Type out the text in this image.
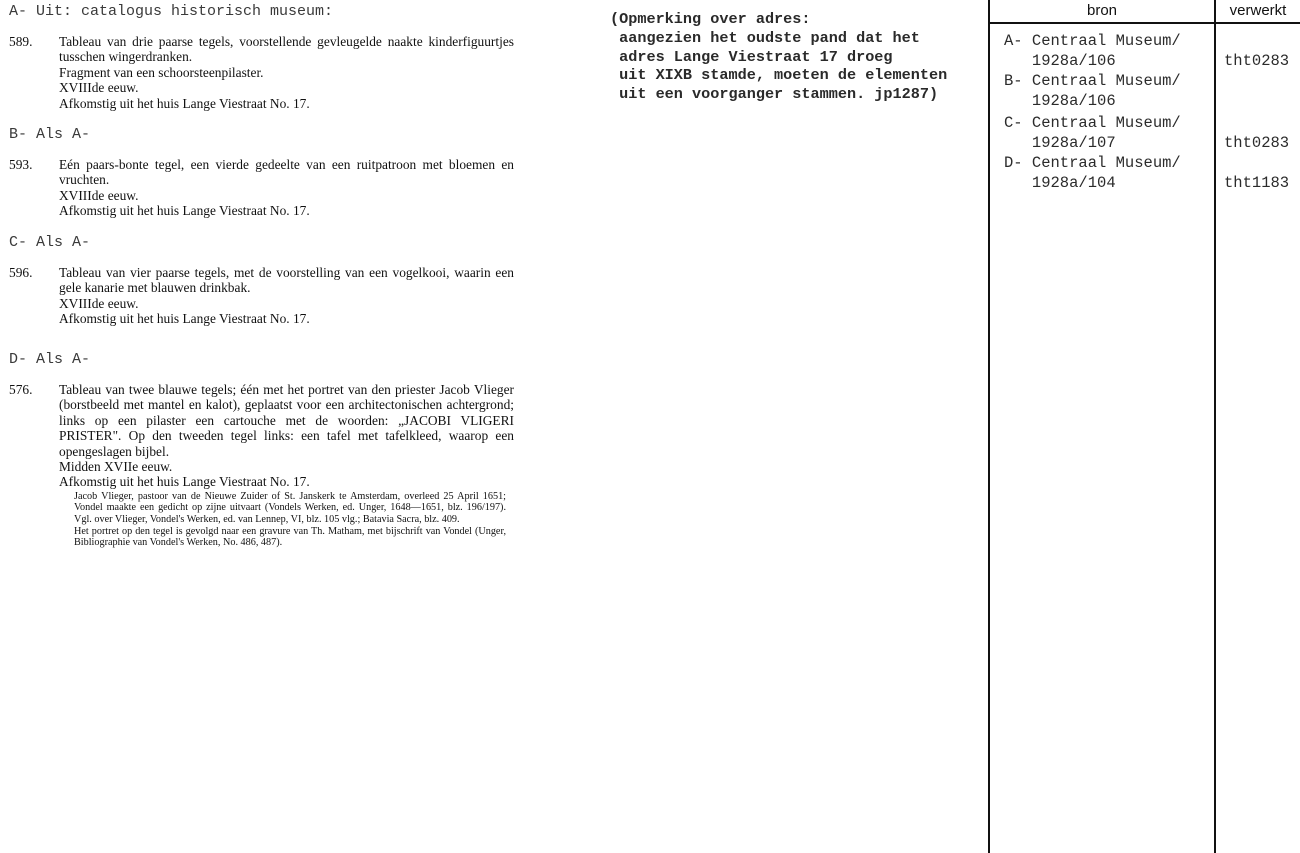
A- Uit: catalogus historisch museum:
589. Tableau van drie paarse tegels, voorstellende gevleugelde naakte kinderfiguurtjes tusschen wingerdranken.
Fragment van een schoorsteenpilaster.
XVIIIde eeuw.
Afkomstig uit het huis Lange Viestraat No. 17.
B- Als A-
593. Eén paars-bonte tegel, een vierde gedeelte van een ruitpatroon met bloemen en vruchten.
XVIIIde eeuw.
Afkomstig uit het huis Lange Viestraat No. 17.
C- Als A-
596. Tableau van vier paarse tegels, met de voorstelling van een vogelkooi, waarin een gele kanarie met blauwen drinkbak.
XVIIIde eeuw.
Afkomstig uit het huis Lange Viestraat No. 17.
D- Als A-
576. Tableau van twee blauwe tegels; één met het portret van den priester Jacob Vlieger (borstbeeld met mantel en kalot), geplaatst voor een architectonischen achtergrond; links op een pilaster een cartouche met de woorden: „JACOBI VLIGERI PRISTER". Op den tweeden tegel links: een tafel met tafelkleed, waarop een opengeslagen bijbel.
Midden XVIIe eeuw.
Afkomstig uit het huis Lange Viestraat No. 17.
Jacob Vlieger, pastoor van de Nieuwe Zuider of St. Janskerk te Amsterdam, overleed 25 April 1651; Vondel maakte een gedicht op zijne uitvaart (Vondels Werken, ed. Unger, 1648—1651, blz. 196/197). Vgl. over Vlieger, Vondel's Werken, ed. van Lennep, VI, blz. 105 vlg.; Batavia Sacra, blz. 409.
Het portret op den tegel is gevolgd naar een gravure van Th. Matham, met bijschrift van Vondel (Unger, Bibliographie van Vondel's Werken, No. 486, 487).
(Opmerking over adres:
aangezien het oudste pand dat het
adres Lange Viestraat 17 droeg
uit XIXB stamde, moeten de elementen
uit een voorganger stammen. jp1287)
bron	verwerkt
A- Centraal Museum/
1928a/106	tht0283
B- Centraal Museum/
1928a/106
C- Centraal Museum/
1928a/107	tht0283
D- Centraal Museum/
1928a/104	tht1183
